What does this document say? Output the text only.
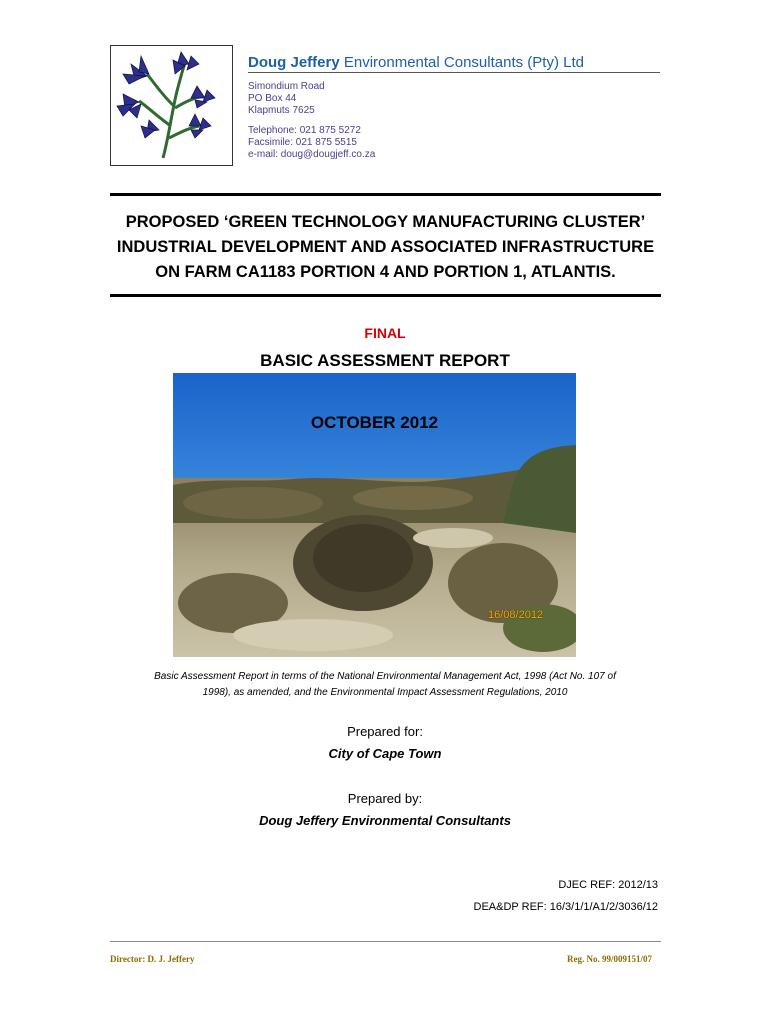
Doug Jeffery Environmental Consultants (Pty) Ltd
Simondium Road
PO Box 44
Klapmuts 7625
Telephone: 021 875 5272
Facsimile: 021 875 5515
e-mail: doug@dougjeff.co.za
PROPOSED ‘GREEN TECHNOLOGY MANUFACTURING CLUSTER’
INDUSTRIAL DEVELOPMENT AND ASSOCIATED INFRASTRUCTURE
ON FARM CA1183 PORTION 4 AND PORTION 1, ATLANTIS.
FINAL
BASIC ASSESSMENT REPORT
OCTOBER 2012
16/08/2012
Basic Assessment Report in terms of the National Environmental Management Act, 1998 (Act No. 107 of
1998), as amended, and the Environmental Impact Assessment Regulations, 2010
Prepared for:
City of Cape Town
Prepared by:
Doug Jeffery Environmental Consultants
DJEC REF: 2012/13
DEA&DP REF: 16/3/1/1/A1/2/3036/12
Director: D. J. Jeffery	Reg. No. 99/009151/07
